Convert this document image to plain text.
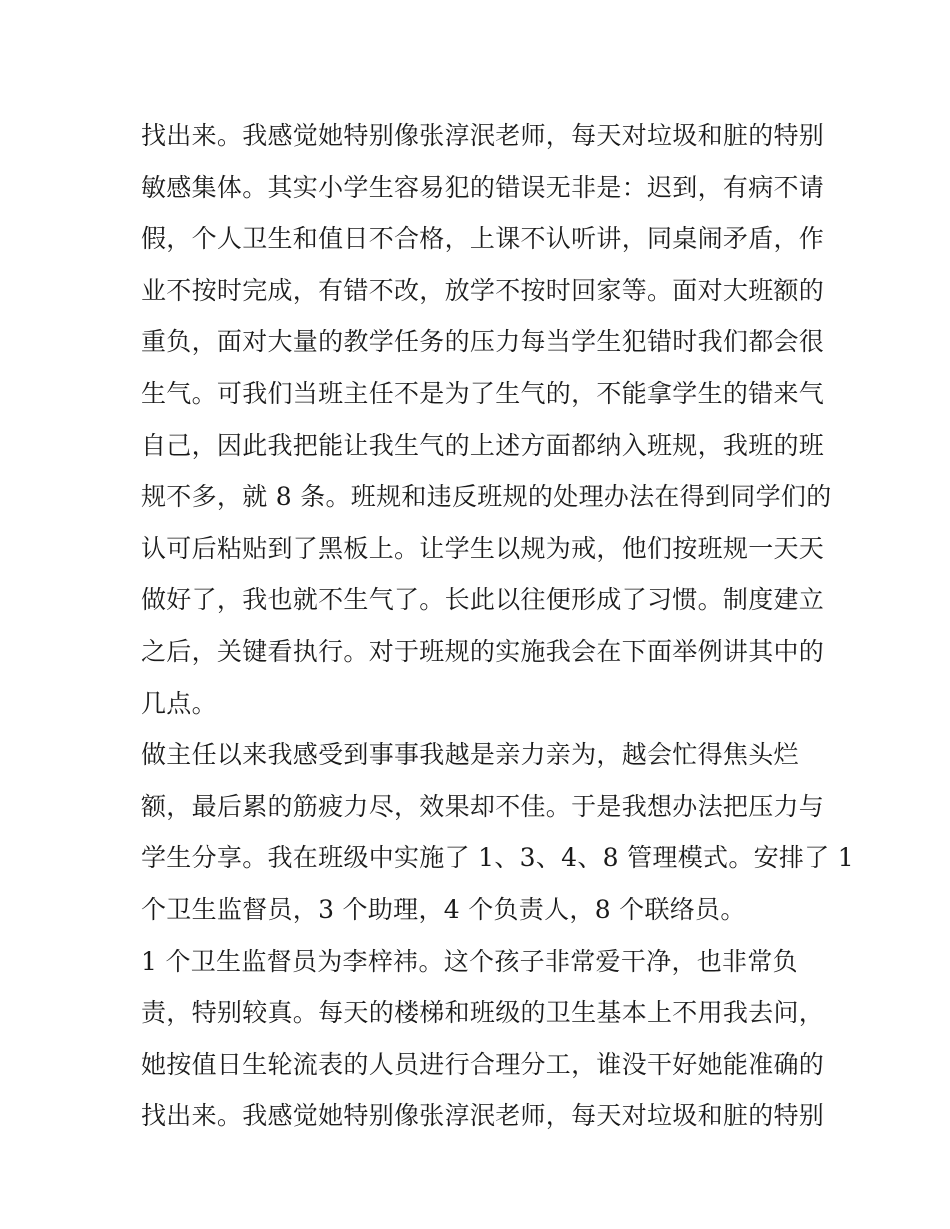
找出来。我感觉她特别像张淳泯老师，每天对垃圾和脏的特别
敏感集体。其实小学生容易犯的错误无非是：迟到，有病不请
假，个人卫生和值日不合格，上课不认听讲，同桌闹矛盾，作
业不按时完成，有错不改，放学不按时回家等。面对大班额的
重负，面对大量的教学任务的压力每当学生犯错时我们都会很
生气。可我们当班主任不是为了生气的，不能拿学生的错来气
自己，因此我把能让我生气的上述方面都纳入班规，我班的班
规不多，就 8 条。班规和违反班规的处理办法在得到同学们的
认可后粘贴到了黑板上。让学生以规为戒，他们按班规一天天
做好了，我也就不生气了。长此以往便形成了习惯。制度建立
之后，关键看执行。对于班规的实施我会在下面举例讲其中的
几点。
做主任以来我感受到事事我越是亲力亲为，越会忙得焦头烂
额，最后累的筋疲力尽，效果却不佳。于是我想办法把压力与
学生分享。我在班级中实施了 1、3、4、8 管理模式。安排了 1
个卫生监督员，3 个助理，4 个负责人，8 个联络员。
1 个卫生监督员为李梓祎。这个孩子非常爱干净，也非常负
责，特别较真。每天的楼梯和班级的卫生基本上不用我去问，
她按值日生轮流表的人员进行合理分工，谁没干好她能准确的
找出来。我感觉她特别像张淳泯老师，每天对垃圾和脏的特别
